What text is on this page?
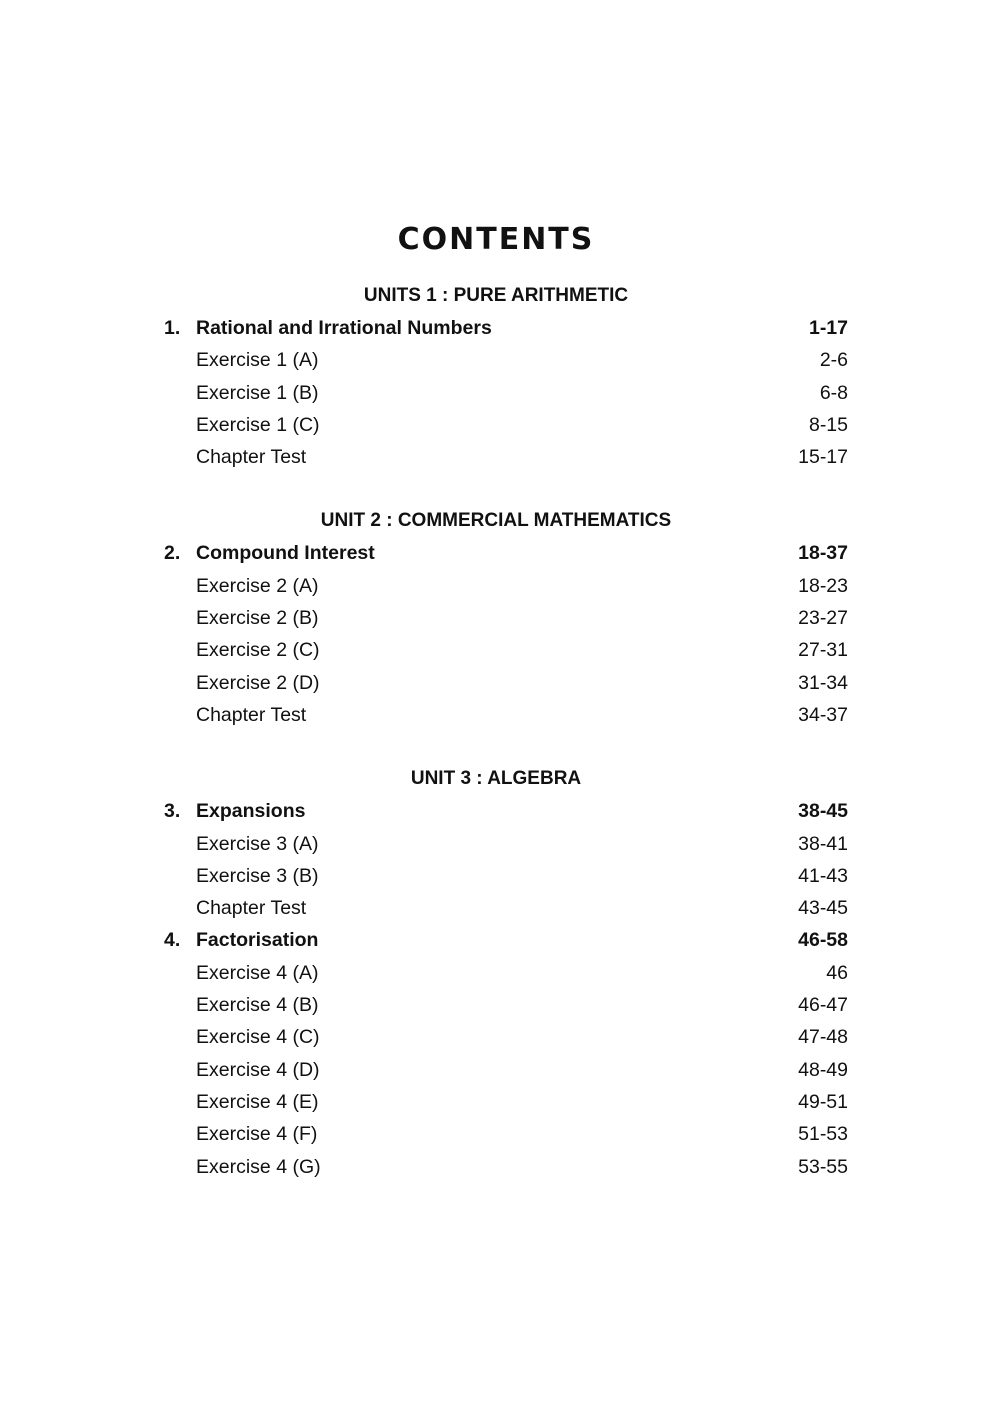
CONTENTS
UNITS 1 : PURE ARITHMETIC
1. Rational and Irrational Numbers	1-17
Exercise 1 (A)	2-6
Exercise 1 (B)	6-8
Exercise 1 (C)	8-15
Chapter Test	15-17
UNIT 2 : COMMERCIAL MATHEMATICS
2. Compound Interest	18-37
Exercise 2 (A)	18-23
Exercise 2 (B)	23-27
Exercise 2 (C)	27-31
Exercise 2 (D)	31-34
Chapter Test	34-37
UNIT 3 : ALGEBRA
3. Expansions	38-45
Exercise 3 (A)	38-41
Exercise 3 (B)	41-43
Chapter Test	43-45
4. Factorisation	46-58
Exercise 4 (A)	46
Exercise 4 (B)	46-47
Exercise 4 (C)	47-48
Exercise 4 (D)	48-49
Exercise 4 (E)	49-51
Exercise 4 (F)	51-53
Exercise 4 (G)	53-55
